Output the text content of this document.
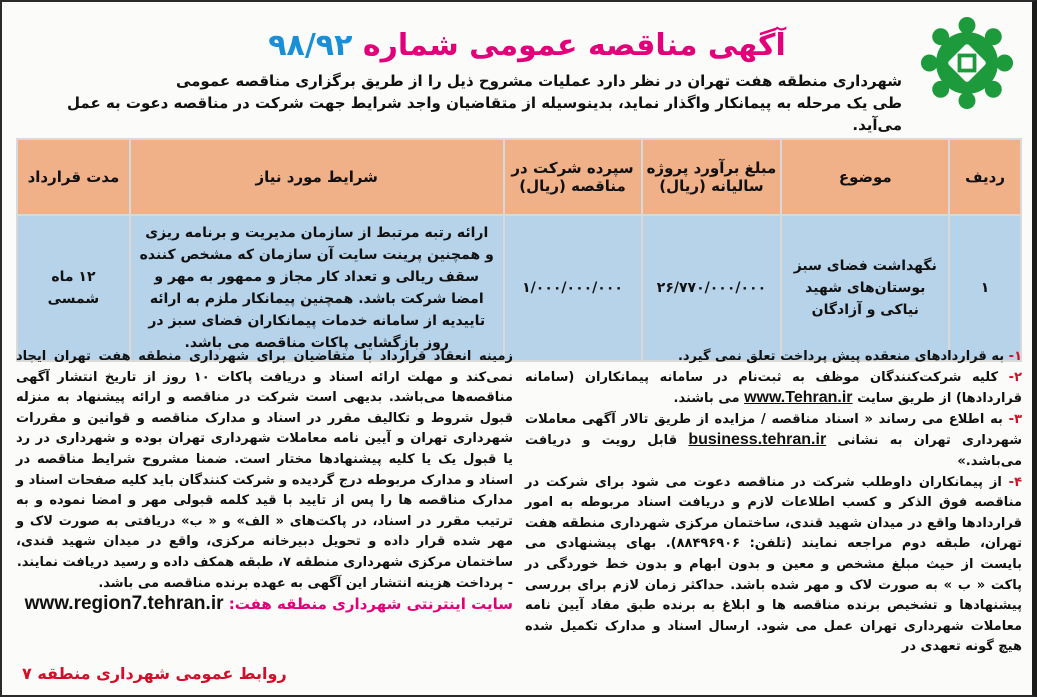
آگهی مناقصه عمومی شماره ۹۸/۹۲

شهرداری منطقه هفت تهران در نظر دارد عملیات مشروح ذیل را از طریق برگزاری مناقصه عمومی

طی یک مرحله به پیمانکار واگذار نماید، بدینوسیله از متقاضیان واجد شرایط جهت شرکت در مناقصه دعوت به عمل می‌آید.

ردیف	موضوع	مبلغ برآورد پروژه سالیانه (ریال)	سپرده شرکت در مناقصه (ریال)	شرایط مورد نیاز	مدت قرارداد
۱	نگهداشت فضای سبز بوستان‌های شهید نیاکی و آزادگان	۲۶/۷۷۰/۰۰۰/۰۰۰	۱/۰۰۰/۰۰۰/۰۰۰	ارائه رتبه مرتبط از سازمان مدیریت و برنامه ریزی و همچنین پرینت سایت آن سازمان که مشخص کننده سقف ریالی و تعداد کار مجاز و ممهور به مهر و امضا شرکت باشد. همچنین پیمانکار ملزم به ارائه تاییدیه از سامانه خدمات پیمانکاران فضای سبز در روز بازگشایی پاکات مناقصه می باشد.	۱۲ ماه شمسی

۱- به قراردادهای منعقده پیش پرداخت تعلق نمی گیرد.

۲- کلیه شرکت‌کنندگان موظف به ثبت‌نام در سامانه پیمانکاران (سامانه قراردادها) از طریق سایت www.Tehran.ir می باشند.

۳- به اطلاع می رساند « اسناد مناقصه / مزایده از طریق تالار آگهی معاملات شهرداری تهران به نشانی business.tehran.ir قابل رویت و دریافت می‌باشد.»

۴- از پیمانکاران داوطلب شرکت در مناقصه دعوت می شود برای شرکت در مناقصه فوق الذکر و کسب اطلاعات لازم و دریافت اسناد مربوطه به امور قراردادها واقع در میدان شهید قندی، ساختمان مرکزی شهرداری منطقه هفت تهران، طبقه دوم مراجعه نمایند (تلفن: ۸۸۴۹۶۹۰۶). بهای پیشنهادی می بایست از حیث مبلغ مشخص و معین و بدون ابهام و بدون خط خوردگی در پاکت « ب » به صورت لاک و مهر شده باشد. حداکثر زمان لازم برای بررسی پیشنهادها و تشخیص برنده مناقصه ها و ابلاغ به برنده طبق مفاد آیین نامه معاملات شهرداری تهران عمل می شود. ارسال اسناد و مدارک تکمیل شده هیچ گونه تعهدی در

زمینه انعقاد قرارداد با متقاضیان برای شهرداری منطقه هفت تهران ایجاد نمی‌کند و مهلت ارائه اسناد و دریافت پاکات ۱۰ روز از تاریخ انتشار آگهی مناقصه‌ها می‌باشد. بدیهی است شرکت در مناقصه و ارائه پیشنهاد به منزله قبول شروط و تکالیف مقرر در اسناد و مدارک مناقصه و قوانین و مقررات شهرداری تهران و آیین نامه معاملات شهرداری تهران بوده و شهرداری در رد یا قبول یک یا کلیه پیشنهادها مختار است. ضمنا مشروح شرایط مناقصه در اسناد و مدارک مربوطه درج گردیده و شرکت کنندگان باید کلیه صفحات اسناد و مدارک مناقصه ها را پس از تایید با قید کلمه قبولی مهر و امضا نموده و به ترتیب مقرر در اسناد، در پاکت‌های « الف» و « ب» دریافتی به صورت لاک و مهر شده قرار داده و تحویل دبیرخانه مرکزی، واقع در میدان شهید قندی، ساختمان مرکزی شهرداری منطقه ۷، طبقه همکف داده و رسید دریافت نمایند.

- پرداخت هزینه انتشار این آگهی به عهده برنده مناقصه می باشد.

سایت اینترنتی شهرداری منطقه هفت: www.region7.tehran.ir

روابط عمومی شهرداری منطقه ۷
